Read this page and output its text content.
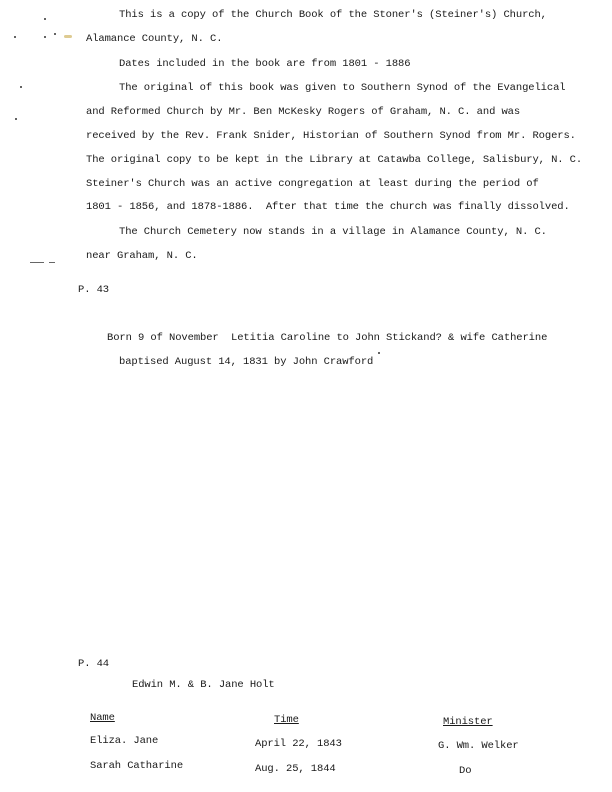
This is a copy of the Church Book of the Stoner's (Steiner's) Church,
Alamance County, N. C.
Dates included in the book are from 1801 - 1886
The original of this book was given to Southern Synod of the Evangelical
and Reformed Church by Mr. Ben McKesky Rogers of Graham, N. C. and was
received by the Rev. Frank Snider, Historian of Southern Synod from Mr. Rogers.
The original copy to be kept in the Library at Catawba College, Salisbury, N. C.
Steiner's Church was an active congregation at least during the period of
1801 - 1856, and 1878-1886.  After that time the church was finally dissolved.
The Church Cemetery now stands in a village in Alamance County, N. C.
near Graham, N. C.
P. 43
Born 9 of November  Letitia Caroline to John Stickand? & wife Catherine
baptised August 14, 1831 by John Crawford
P. 44
Edwin M. & B. Jane Holt
Name	Time	Minister
Eliza. Jane	April 22, 1843	G. Wm. Welker
Sarah Catharine	Aug. 25, 1844	Do
